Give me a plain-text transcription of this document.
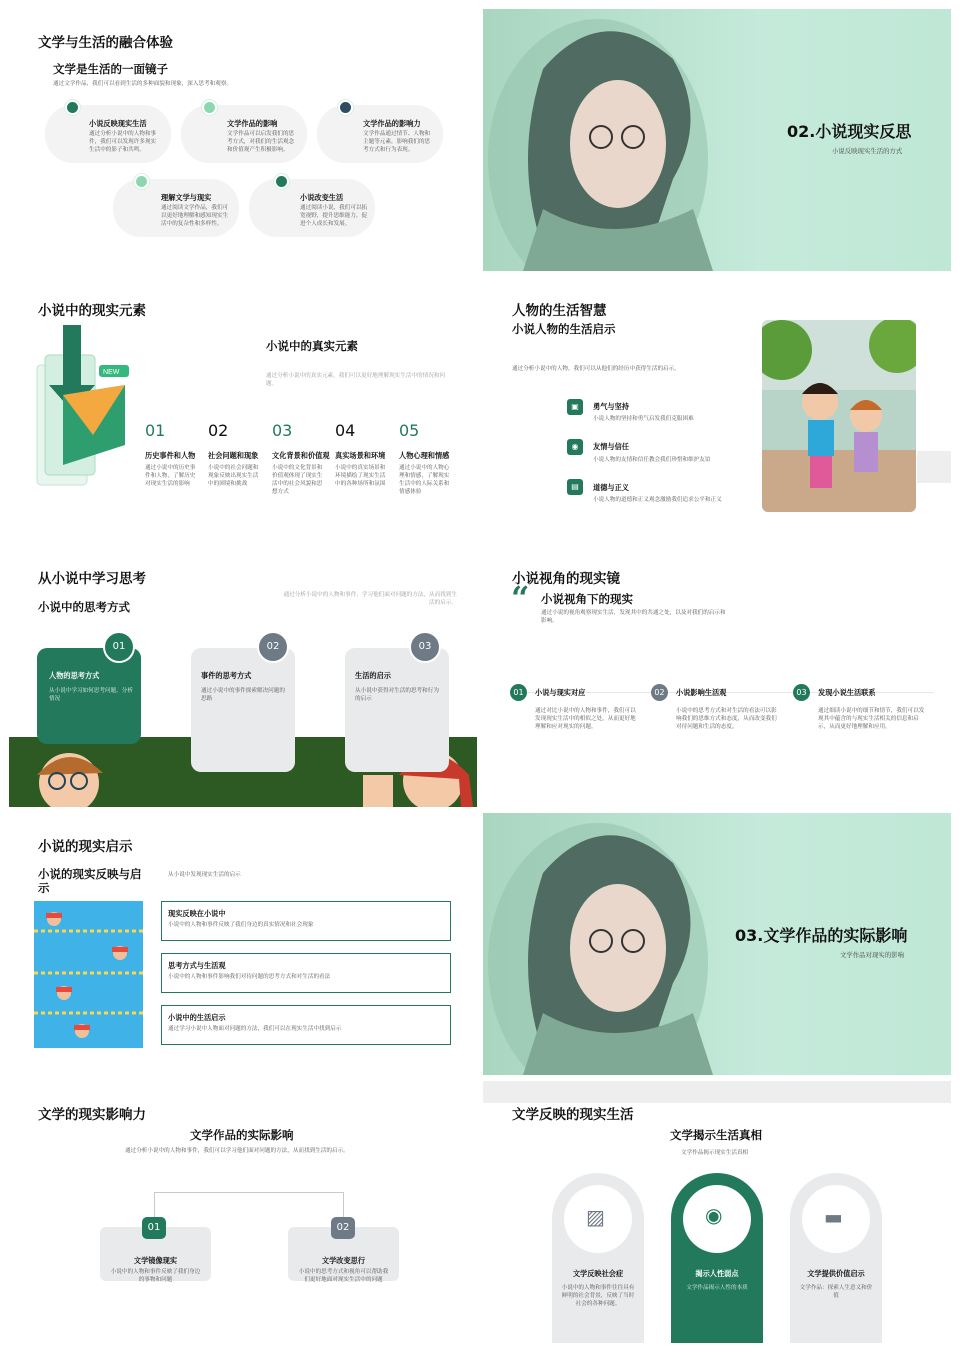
文学与生活的融合体验
文学是生活的一面镜子
通过文学作品，我们可以看到生活的多种面貌和现象，深入思考和观察。
小说反映现实生活
通过分析小说中的人物和事件，我们可以发现许多现实生活中的影子和共鸣。
文学作品的影响
文学作品可以启发我们的思考方式，对我们的生活观念和价值观产生积极影响。
文学作品的影响力
文学作品通过情节、人物和主题等元素，影响我们的思考方式和行为表现。
理解文学与现实
通过阅读文学作品，我们可以更好地理解和感知现实生活中的复杂性和多样性。
小说改变生活
通过阅读小说，我们可以拓宽视野，提升思维能力，促进个人成长和发展。
02.小说现实反思
小说反映现实生活的方式
小说中的现实元素
NEW
小说中的真实元素
通过分析小说中的真实元素，我们可以更好地理解现实生活中的情况和问题。
01	02	03	04	05
历史事件和人物 社会问题和现象 文化背景和价值观 真实场景和环境 人物心理和情感
通过小说中的历史事件和人物，了解历史对现实生活的影响
小说中的社会问题和现象反映出现实生活中的困境和挑战
小说中的文化背景和价值观体现了现实生活中的社会风貌和思想方式
小说中的真实场景和环境描绘了现实生活中的各种场所和氛围
通过小说中的人物心理和情感，了解现实生活中的人际关系和情感体验
人物的生活智慧
小说人物的生活启示
通过分析小说中的人物，我们可以从他们的经历中获得生活的启示。
▣	勇气与坚持
小说人物的坚持和勇气启发我们克服困难
◉	友情与信任
小说人物的友情和信任教会我们珍惜和维护友谊
▤	道德与正义
小说人物的道德和正义观念激励我们追求公平和正义
从小说中学习思考
小说中的思考方式
通过分析小说中的人物和事件，学习他们面对问题的方法，从而找到生活的启示。
01
人物的思考方式
从小说中学习如何思考问题，分析情况
02
事件的思考方式
通过小说中的事件探索解决问题的思路
03
生活的启示
从小说中获得对生活的思考和行为的启示
小说视角的现实镜
“ 小说视角下的现实
通过小说的视角观察现实生活，发现其中的共通之处，以及对我们的启示和影响。
01	小说与现实对应
通过对比小说中的人物和事件，我们可以发现现实生活中的相似之处，从而更好地理解和应对现实的问题。
02	小说影响生活观
小说中的思考方式和对生活的看法可以影响我们的思维方式和态度，从而改变我们对待问题和生活的态度。
03	发现小说生活联系
通过细读小说中的细节和情节，我们可以发现其中蕴含的与现实生活相关的信息和启示，从而更好地理解和应用。
小说的现实启示
小说的现实反映与启示
从小说中发现现实生活的启示
现实反映在小说中
小说中的人物和事件反映了我们身边的真实情况和社会现象
思考方式与生活观
小说中的人物和事件影响我们对待问题的思考方式和对生活的看法
小说中的生活启示
通过学习小说中人物面对问题的方法，我们可以在现实生活中找到启示
03.文学作品的实际影响
文学作品对现实的影响
文学的现实影响力
文学作品的实际影响
通过分析小说中的人物和事件，我们可以学习他们面对问题的方法，从而找到生活的启示。
01
文学镜像现实
小说中的人物和事件反映了我们身边的事物和问题
02
文学改变思行
小说中的思考方式和视角可以帮助我们更好地面对现实生活中的问题
文学反映的现实生活
文学揭示生活真相
文学作品揭示现实生活真相
▨
文学反映社会症
小说中的人物和事件往往具有鲜明的社会背景，反映了当时社会的各种问题。
◉
揭示人性弱点
文学作品揭示人性的本质
▬
文学提供价值启示
文学作品：探索人生意义和价值
